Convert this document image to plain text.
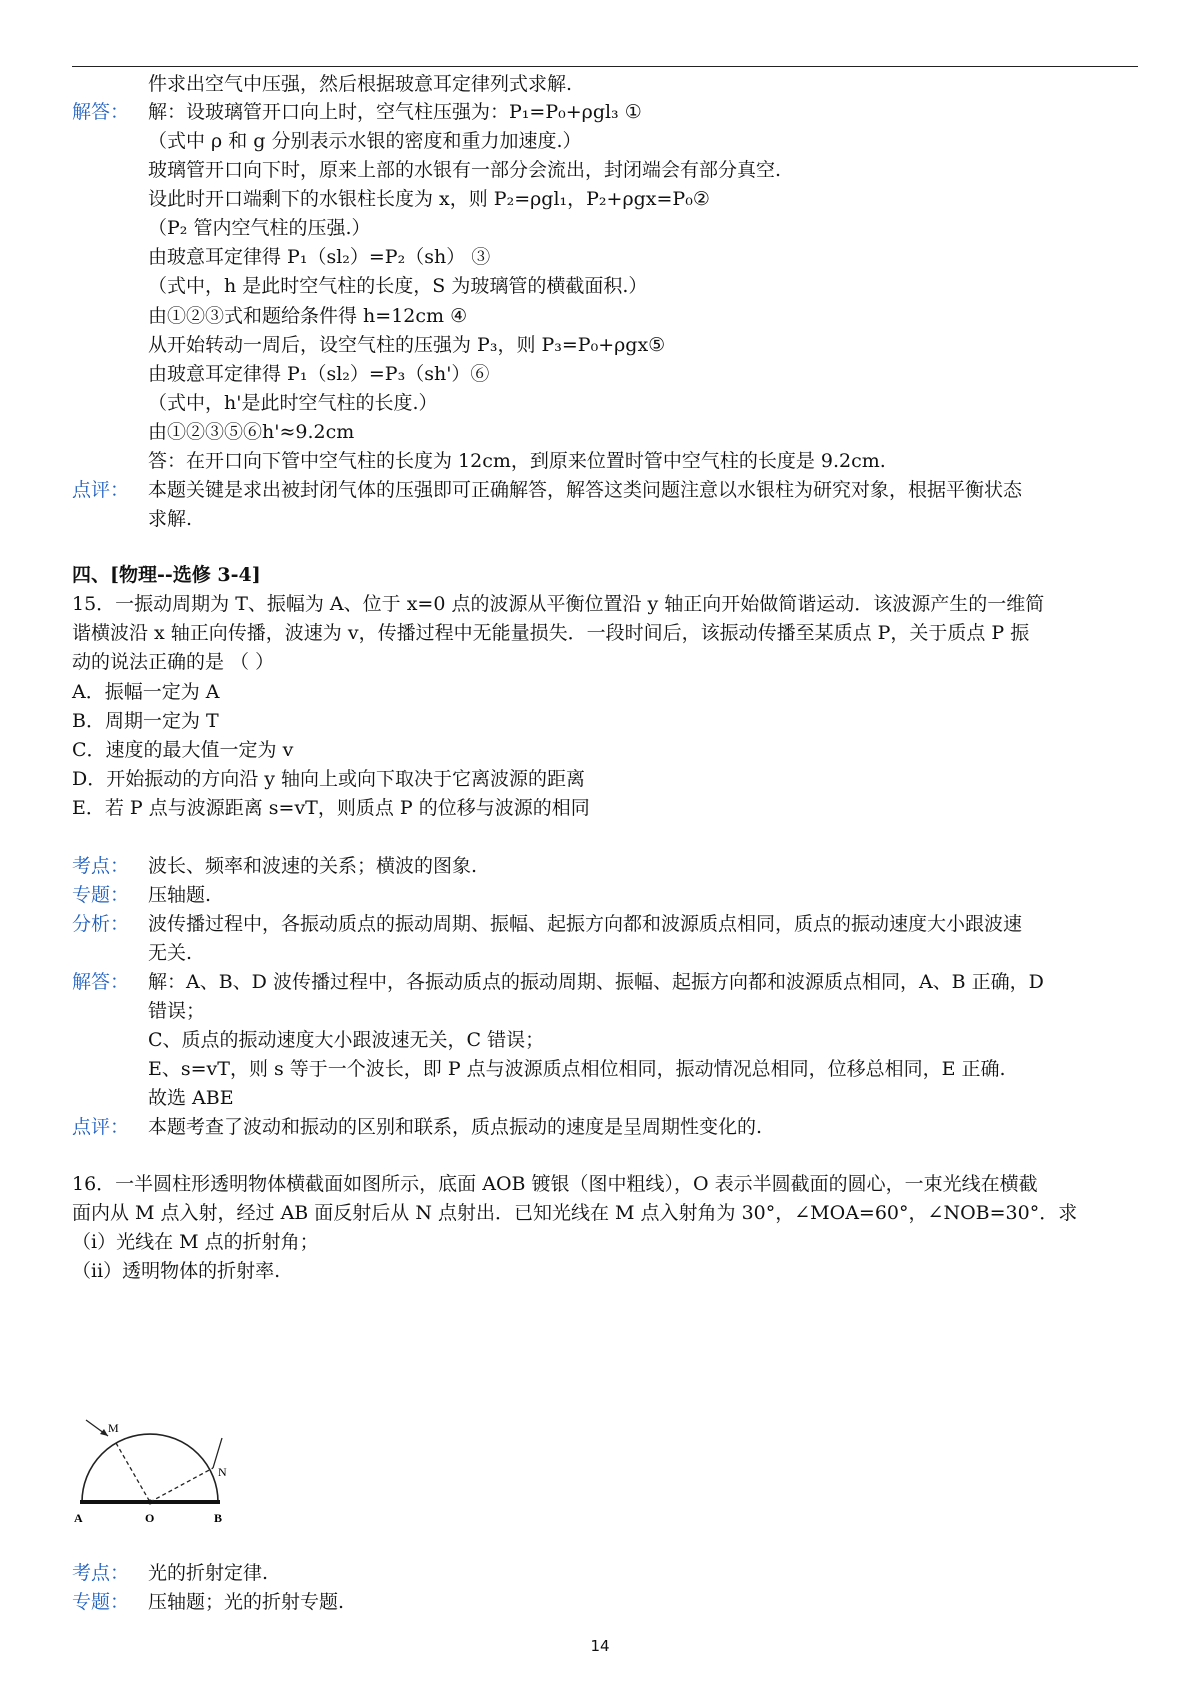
件求出空气中压强，然后根据玻意耳定律列式求解.
解答： 解：设玻璃管开口向上时，空气柱压强为：P₁=P₀+ρgl₃ ①
（式中 ρ 和 g 分别表示水银的密度和重力加速度.）
玻璃管开口向下时，原来上部的水银有一部分会流出，封闭端会有部分真空.
设此时开口端剩下的水银柱长度为 x，则 P₂=ρgl₁，P₂+ρgx=P₀②
（P₂ 管内空气柱的压强.）
由玻意耳定律得 P₁（sl₂）=P₂（sh） ③
（式中，h 是此时空气柱的长度，S 为玻璃管的横截面积.）
由①②③式和题给条件得 h=12cm ④
从开始转动一周后，设空气柱的压强为 P₃，则 P₃=P₀+ρgx⑤
由玻意耳定律得 P₁（sl₂）=P₃（sh'）⑥
（式中，h'是此时空气柱的长度.）
由①②③⑤⑥h'≈9.2cm
答：在开口向下管中空气柱的长度为 12cm，到原来位置时管中空气柱的长度是 9.2cm.
点评： 本题关键是求出被封闭气体的压强即可正确解答，解答这类问题注意以水银柱为研究对象，根据平衡状态
求解.
四、[物理--选修 3-4]
15．一振动周期为 T、振幅为 A、位于 x=0 点的波源从平衡位置沿 y 轴正向开始做简谐运动．该波源产生的一维简
谐横波沿 x 轴正向传播，波速为 v，传播过程中无能量损失．一段时间后，该振动传播至某质点 P，关于质点 P 振
动的说法正确的是 （ ）
A．振幅一定为 A
B．周期一定为 T
C．速度的最大值一定为 v
D．开始振动的方向沿 y 轴向上或向下取决于它离波源的距离
E．若 P 点与波源距离 s=vT，则质点 P 的位移与波源的相同
考点： 波长、频率和波速的关系；横波的图象.
专题： 压轴题.
分析： 波传播过程中，各振动质点的振动周期、振幅、起振方向都和波源质点相同，质点的振动速度大小跟波速
无关.
解答： 解：A、B、D 波传播过程中，各振动质点的振动周期、振幅、起振方向都和波源质点相同，A、B 正确，D
错误；
C、质点的振动速度大小跟波速无关，C 错误；
E、s=vT，则 s 等于一个波长，即 P 点与波源质点相位相同，振动情况总相同，位移总相同，E 正确.
故选 ABE
点评： 本题考查了波动和振动的区别和联系，质点振动的速度是呈周期性变化的.
16．一半圆柱形透明物体横截面如图所示，底面 AOB 镀银（图中粗线），O 表示半圆截面的圆心，一束光线在横截
面内从 M 点入射，经过 AB 面反射后从 N 点射出．已知光线在 M 点入射角为 30°，∠MOA=60°，∠NOB=30°．求
（ⅰ）光线在 M 点的折射角；
（ⅱ）透明物体的折射率.
M
N
A	O	B
考点： 光的折射定律.
专题： 压轴题；光的折射专题.
14
